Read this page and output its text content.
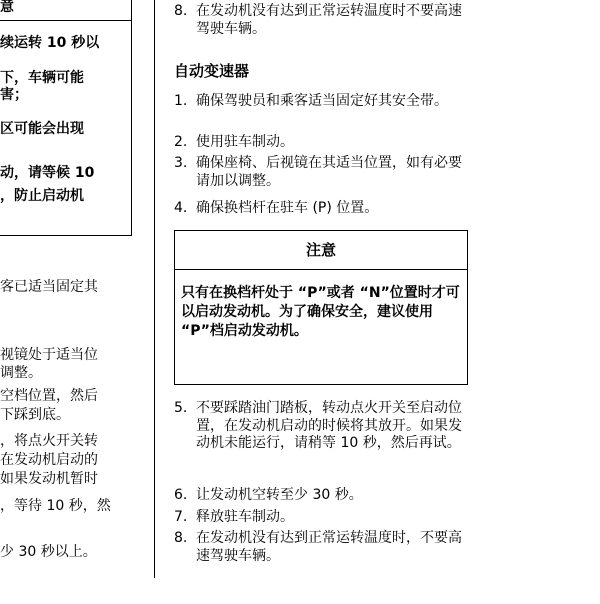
意
续运转 10 秒以
下，车辆可能
害；
区可能会出现
动，请等候 10
，防止启动机
客已适当固定其
视镜处于适当位
调整。
空档位置，然后
下踩到底。
，将点火开关转
在发动机启动的
如果发动机暂时
，等待 10 秒，然
少 30 秒以上。
8. 在发动机没有达到正常运转温度时不要高速驾驶车辆。
自动变速器
1. 确保驾驶员和乘客适当固定好其安全带。
2. 使用驻车制动。
3. 确保座椅、后视镜在其适当位置，如有必要请加以调整。
4. 确保换档杆在驻车 (P) 位置。
注意
只有在换档杆处于 “P”或者 “N”位置时才可以启动发动机。为了确保安全，建议使用 “P”档启动发动机。
5. 不要踩踏油门踏板，转动点火开关至启动位置，在发动机启动的时候将其放开。如果发动机未能运行，请稍等 10 秒，然后再试。
6. 让发动机空转至少 30 秒。
7. 释放驻车制动。
8. 在发动机没有达到正常运转温度时，不要高速驾驶车辆。
